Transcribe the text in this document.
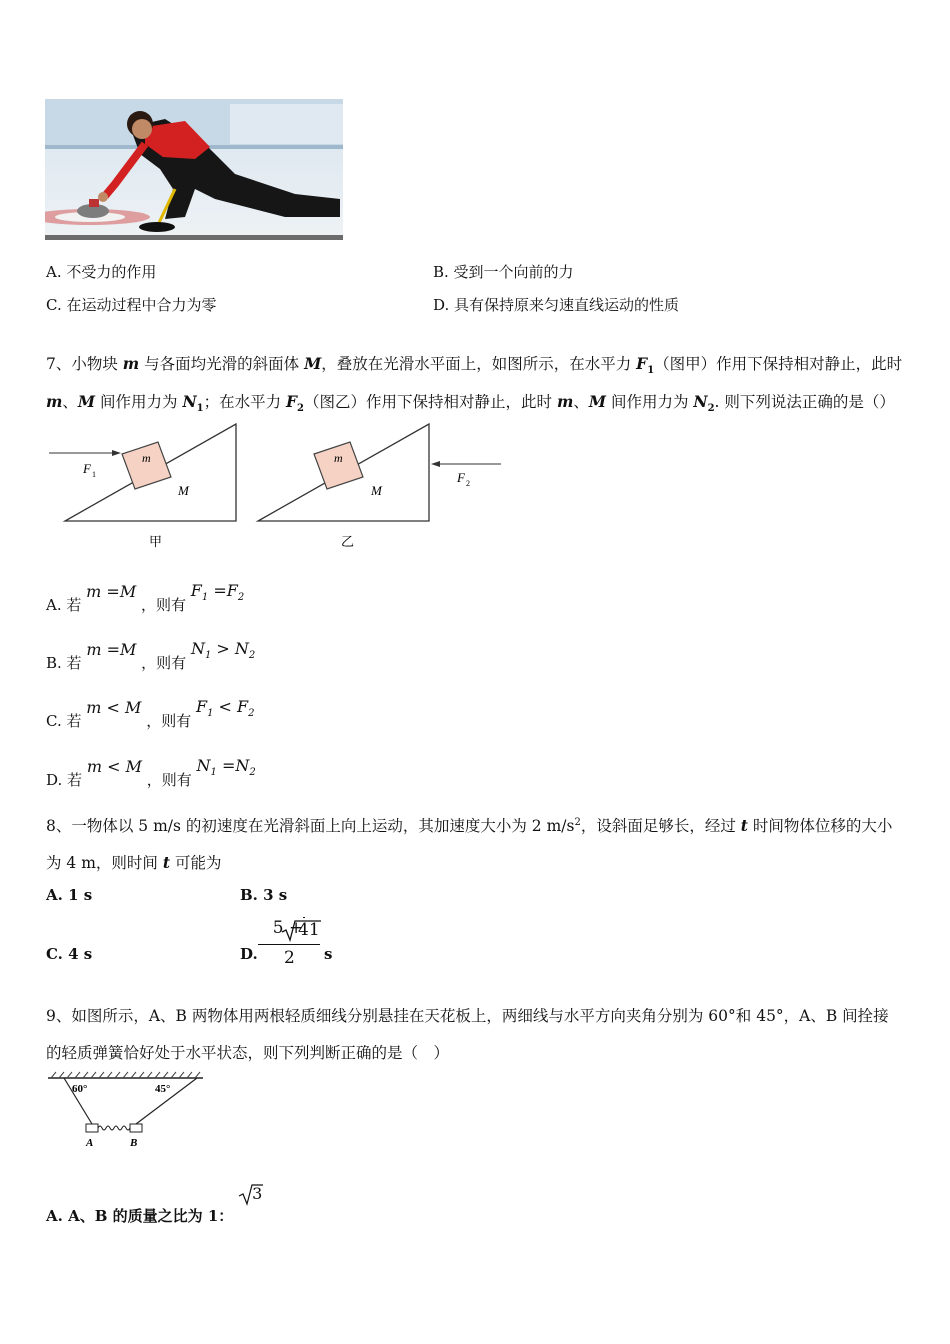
A. 不受力的作用	B. 受到一个向前的力
C. 在运动过程中合力为零	D. 具有保持原来匀速直线运动的性质
7、小物块 m 与各面均光滑的斜面体 M，叠放在光滑水平面上，如图所示，在水平力 $F_1$（图甲）作用下保持相对静止，此时
m、M 间作用力为 $N_1$；在水平力 $F_2$（图乙）作用下保持相对静止，此时 m、M 间作用力为 $N_2$. 则下列说法正确的是（）
m
M
F 1
甲
m
M
F 2
乙
A. 若 m =M ，则有 $F_1 =F_2$
B. 若 m =M ，则有 $N_1 > N_2$
C. 若 m < M ，则有 $F_1 < F_2$
D. 若 m < M ，则有 $N_1 =N_2$
8、一物体以 5 m/s 的初速度在光滑斜面上向上运动，其加速度大小为 2 $m/s^2$，设斜面足够长，经过 t 时间物体位移的大小
为 4 m，则时间 t 可能为
A. 1 s	B. 3 s
C. 4 s	D.
5 +
41
2 s
9、如图所示，A、B 两物体用两根轻质细线分别悬挂在天花板上，两细线与水平方向夹角分别为 60°和 45°，A、B 间拴接
的轻质弹簧恰好处于水平状态，则下列判断正确的是（　）
60°	45°
A	B
A. A、B 的质量之比为 1：
3
